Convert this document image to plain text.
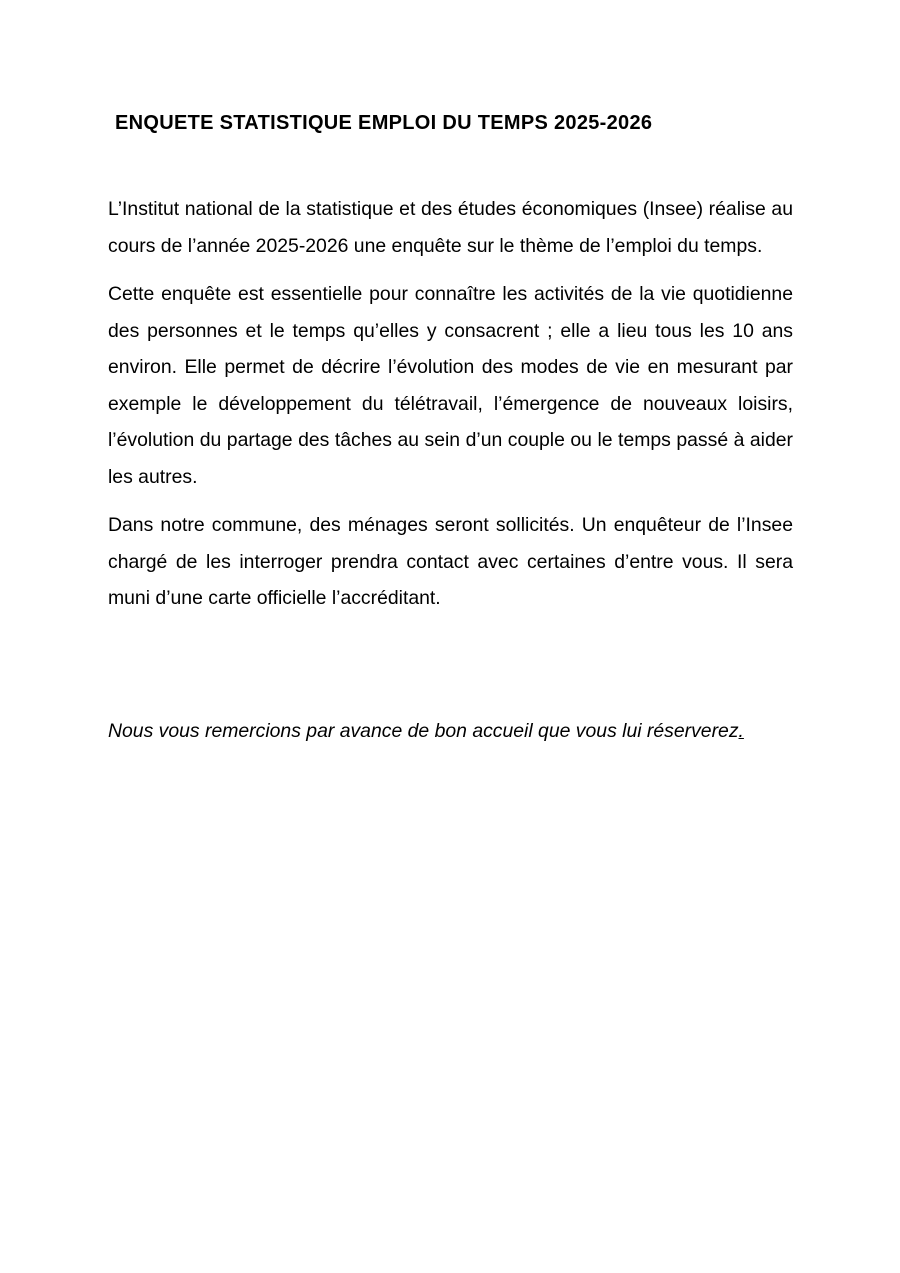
ENQUETE STATISTIQUE EMPLOI DU TEMPS 2025-2026

L’Institut national de la statistique et des études économiques (Insee) réalise au cours de l’année 2025-2026 une enquête sur le thème de l’emploi du temps.

Cette enquête est essentielle pour connaître les activités de la vie quotidienne des personnes et le temps qu’elles y consacrent ; elle a lieu tous les 10 ans environ. Elle permet de décrire l’évolution des modes de vie en mesurant par exemple le développement du télétravail, l’émergence de nouveaux loisirs, l’évolution du partage des tâches au sein d’un couple ou le temps passé à aider les autres.

Dans notre commune, des ménages seront sollicités. Un enquêteur de l’Insee chargé de les interroger prendra contact avec certaines d’entre vous. Il sera muni d’une carte officielle l’accréditant.

Nous vous remercions par avance de bon accueil que vous lui réserverez.
